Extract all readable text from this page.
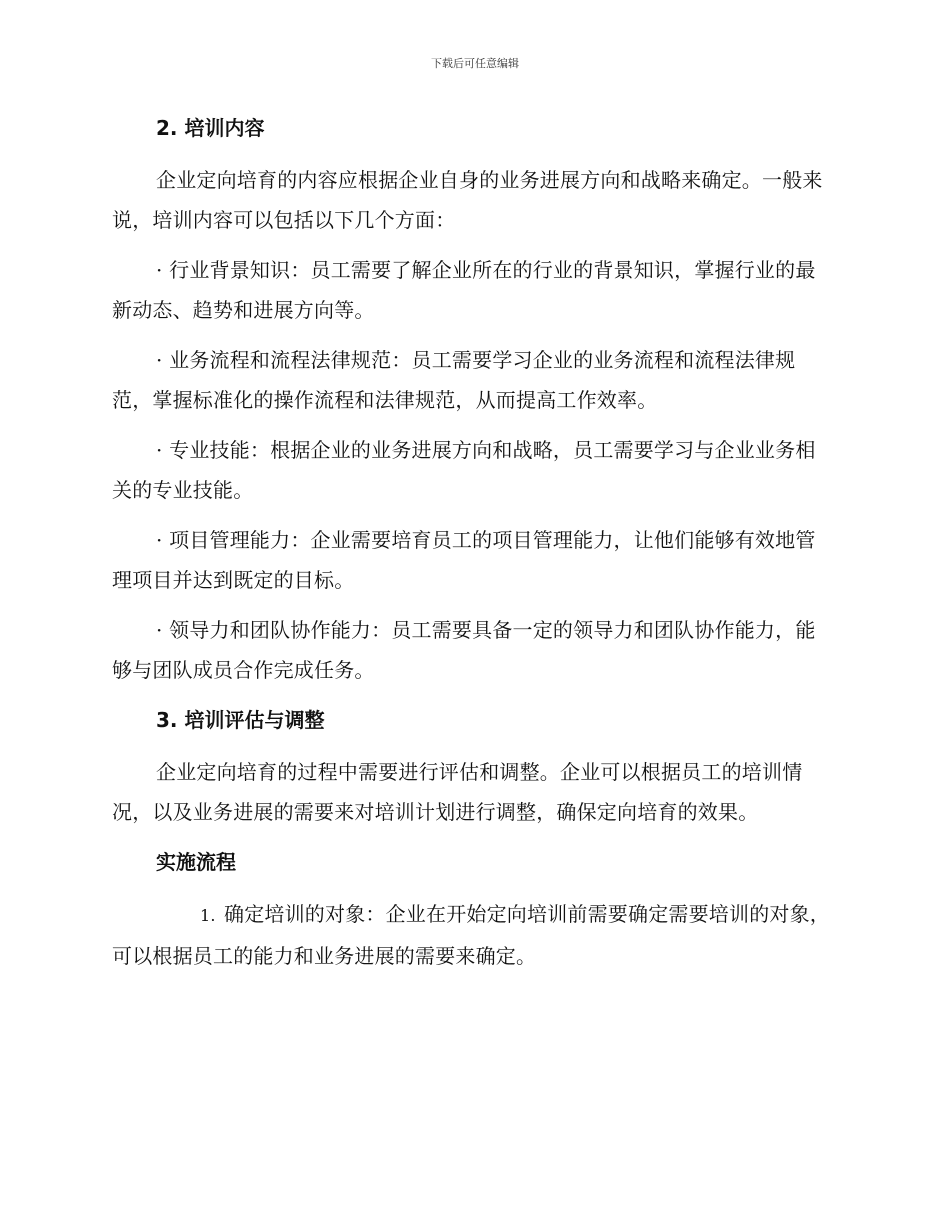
下载后可任意编辑
2. 培训内容

企业定向培育的内容应根据企业自身的业务进展方向和战略来确定。一般来说，培训内容可以包括以下几个方面：

· 行业背景知识：员工需要了解企业所在的行业的背景知识，掌握行业的最新动态、趋势和进展方向等。

· 业务流程和流程法律规范：员工需要学习企业的业务流程和流程法律规范，掌握标准化的操作流程和法律规范，从而提高工作效率。

· 专业技能：根据企业的业务进展方向和战略，员工需要学习与企业业务相关的专业技能。

· 项目管理能力：企业需要培育员工的项目管理能力，让他们能够有效地管理项目并达到既定的目标。

· 领导力和团队协作能力：员工需要具备一定的领导力和团队协作能力，能够与团队成员合作完成任务。

3. 培训评估与调整

企业定向培育的过程中需要进行评估和调整。企业可以根据员工的培训情况，以及业务进展的需要来对培训计划进行调整，确保定向培育的效果。

实施流程

1. 确定培训的对象：企业在开始定向培训前需要确定需要培训的对象，可以根据员工的能力和业务进展的需要来确定。
